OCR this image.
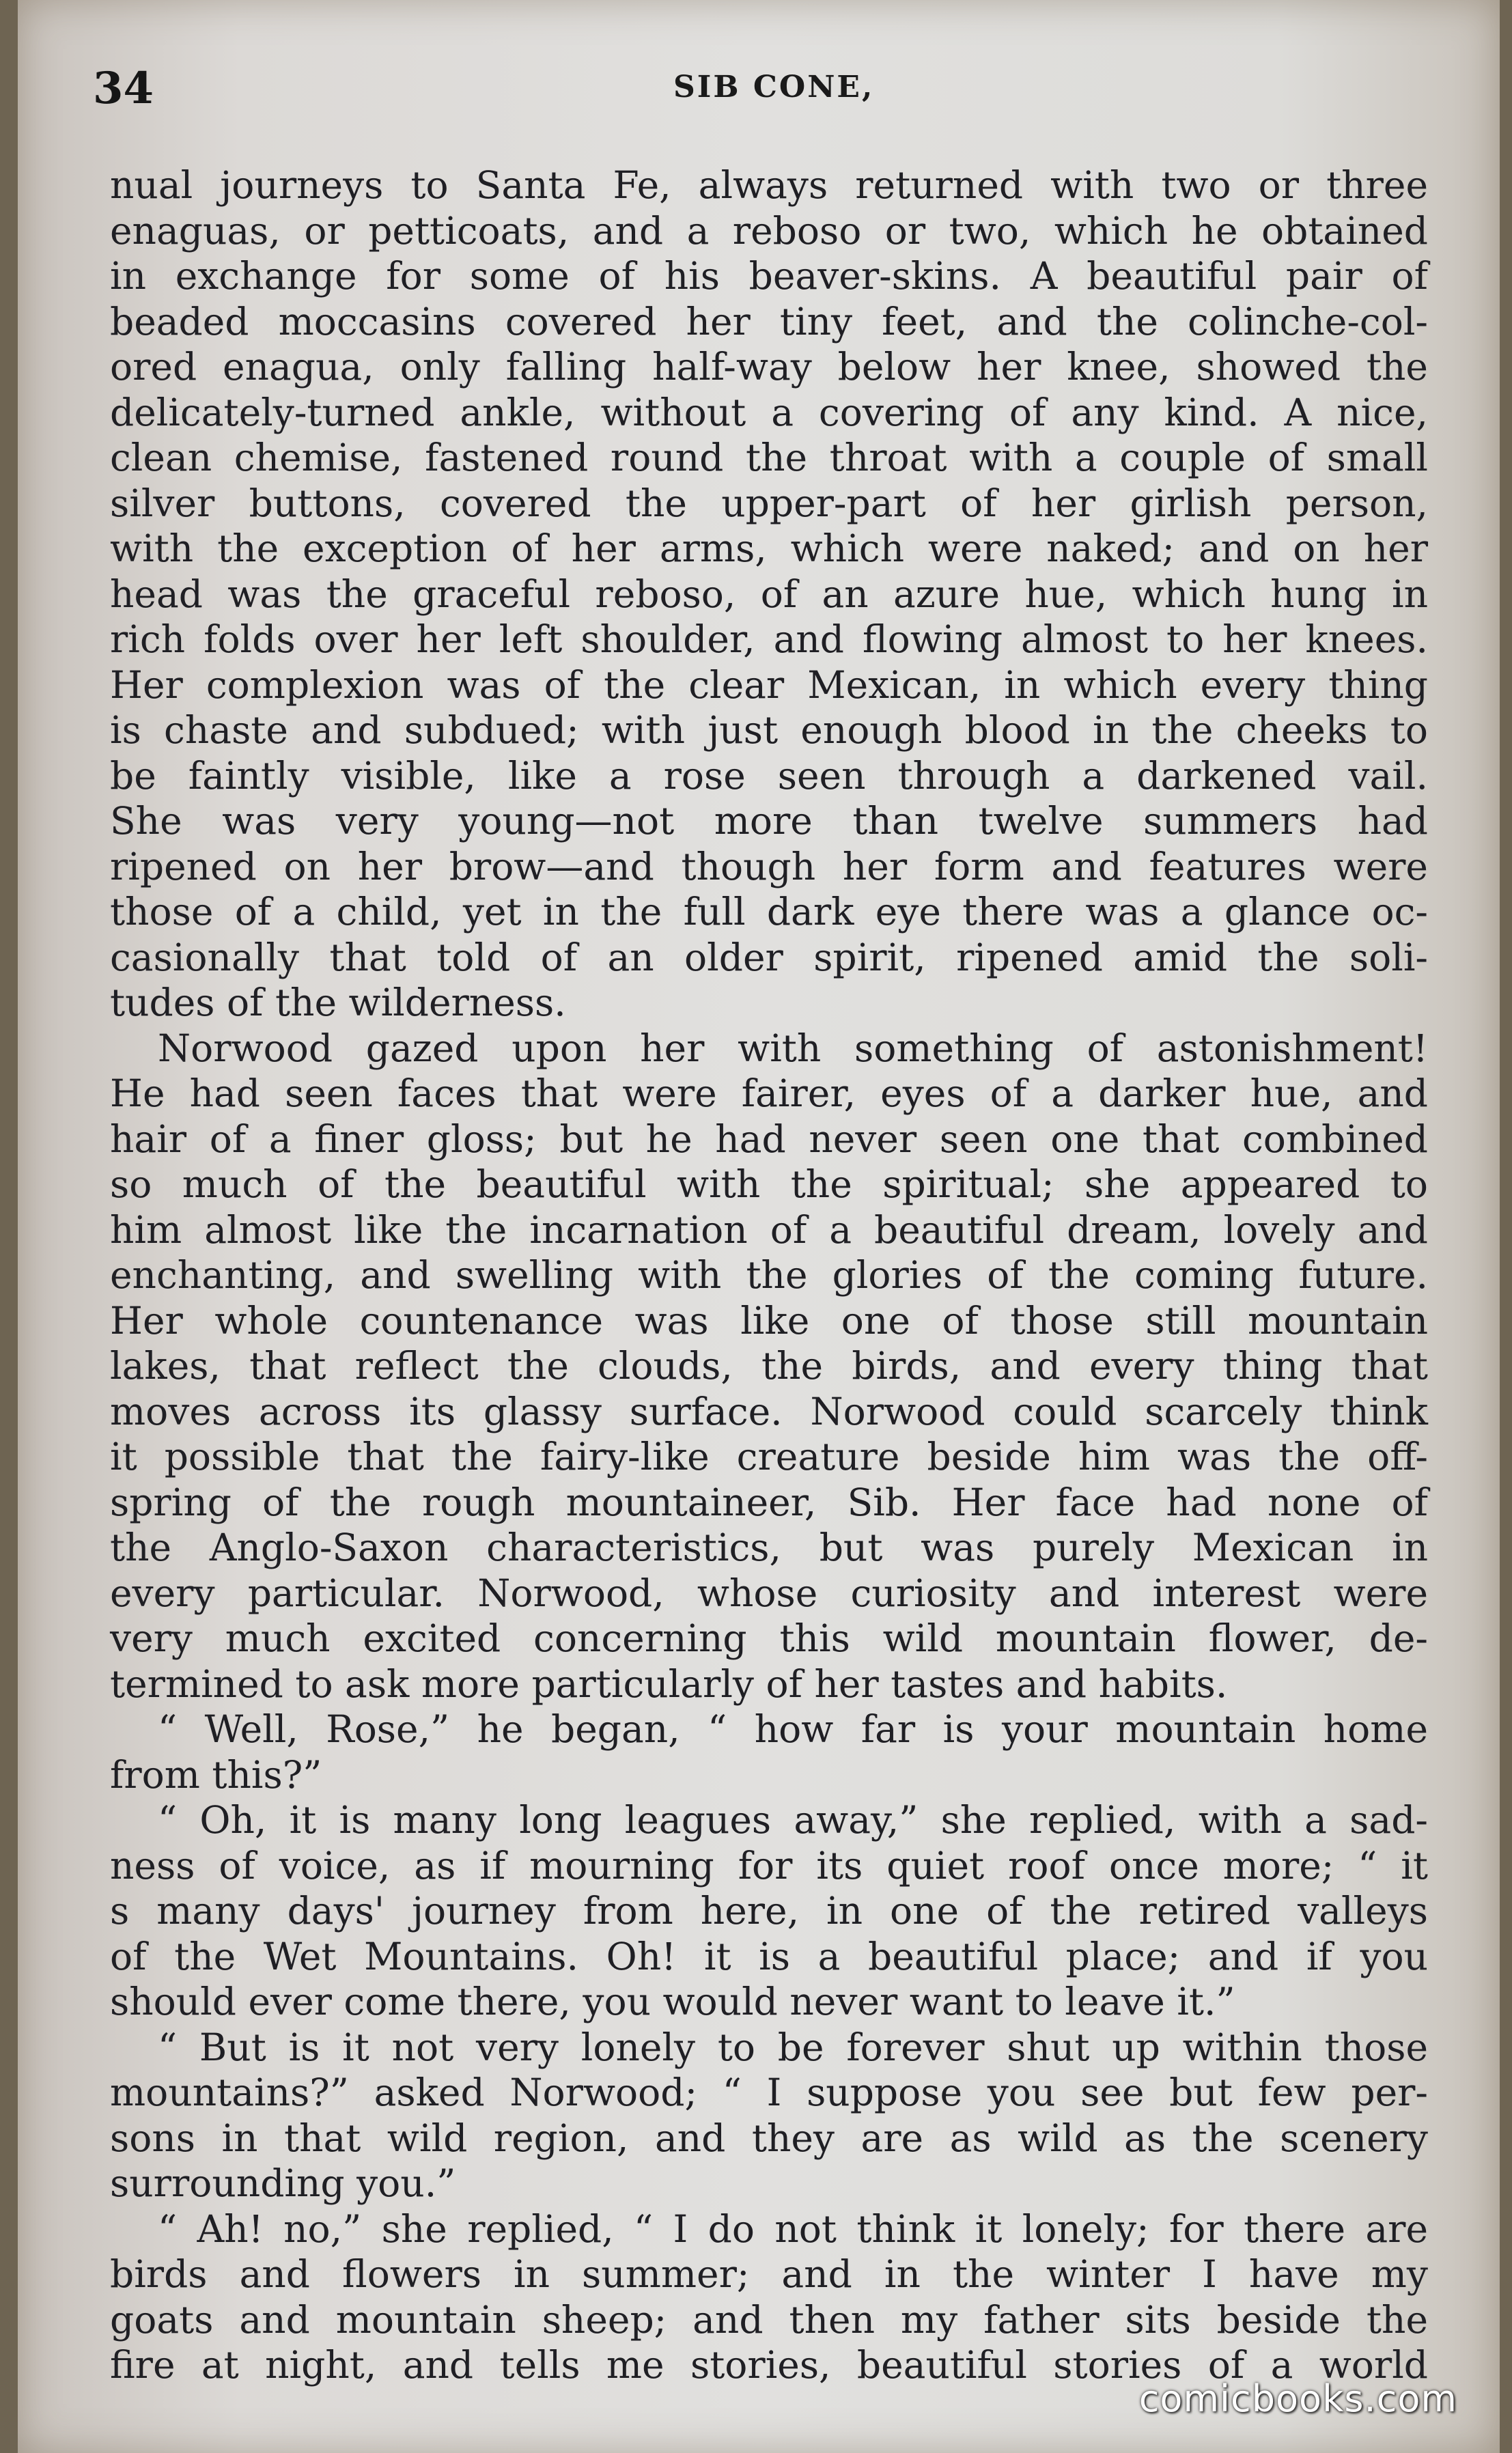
34	SIB CONE,
nual journeys to Santa Fe, always returned with two or three
enaguas, or petticoats, and a reboso or two, which he obtained
in exchange for some of his beaver-skins. A beautiful pair of
beaded moccasins covered her tiny feet, and the colinche-col-
ored enagua, only falling half-way below her knee, showed the
delicately-turned ankle, without a covering of any kind. A nice,
clean chemise, fastened round the throat with a couple of small
silver buttons, covered the upper-part of her girlish person,
with the exception of her arms, which were naked; and on her
head was the graceful reboso, of an azure hue, which hung in
rich folds over her left shoulder, and flowing almost to her knees.
Her complexion was of the clear Mexican, in which every thing
is chaste and subdued; with just enough blood in the cheeks to
be faintly visible, like a rose seen through a darkened vail.
She was very young—not more than twelve summers had
ripened on her brow—and though her form and features were
those of a child, yet in the full dark eye there was a glance oc-
casionally that told of an older spirit, ripened amid the soli-
tudes of the wilderness.
Norwood gazed upon her with something of astonishment!
He had seen faces that were fairer, eyes of a darker hue, and
hair of a finer gloss; but he had never seen one that combined
so much of the beautiful with the spiritual; she appeared to
him almost like the incarnation of a beautiful dream, lovely and
enchanting, and swelling with the glories of the coming future.
Her whole countenance was like one of those still mountain
lakes, that reflect the clouds, the birds, and every thing that
moves across its glassy surface. Norwood could scarcely think
it possible that the fairy-like creature beside him was the off-
spring of the rough mountaineer, Sib. Her face had none of
the Anglo-Saxon characteristics, but was purely Mexican in
every particular. Norwood, whose curiosity and interest were
very much excited concerning this wild mountain flower, de-
termined to ask more particularly of her tastes and habits.
“ Well, Rose,” he began, “ how far is your mountain home
from this?”
“ Oh, it is many long leagues away,” she replied, with a sad-
ness of voice, as if mourning for its quiet roof once more; “ it
s many days' journey from here, in one of the retired valleys
of the Wet Mountains. Oh! it is a beautiful place; and if you
should ever come there, you would never want to leave it.”
“ But is it not very lonely to be forever shut up within those
mountains?” asked Norwood; “ I suppose you see but few per-
sons in that wild region, and they are as wild as the scenery
surrounding you.”
“ Ah! no,” she replied, “ I do not think it lonely; for there are
birds and flowers in summer; and in the winter I have my
goats and mountain sheep; and then my father sits beside the
fire at night, and tells me stories, beautiful stories of a world
comicbooks.com
